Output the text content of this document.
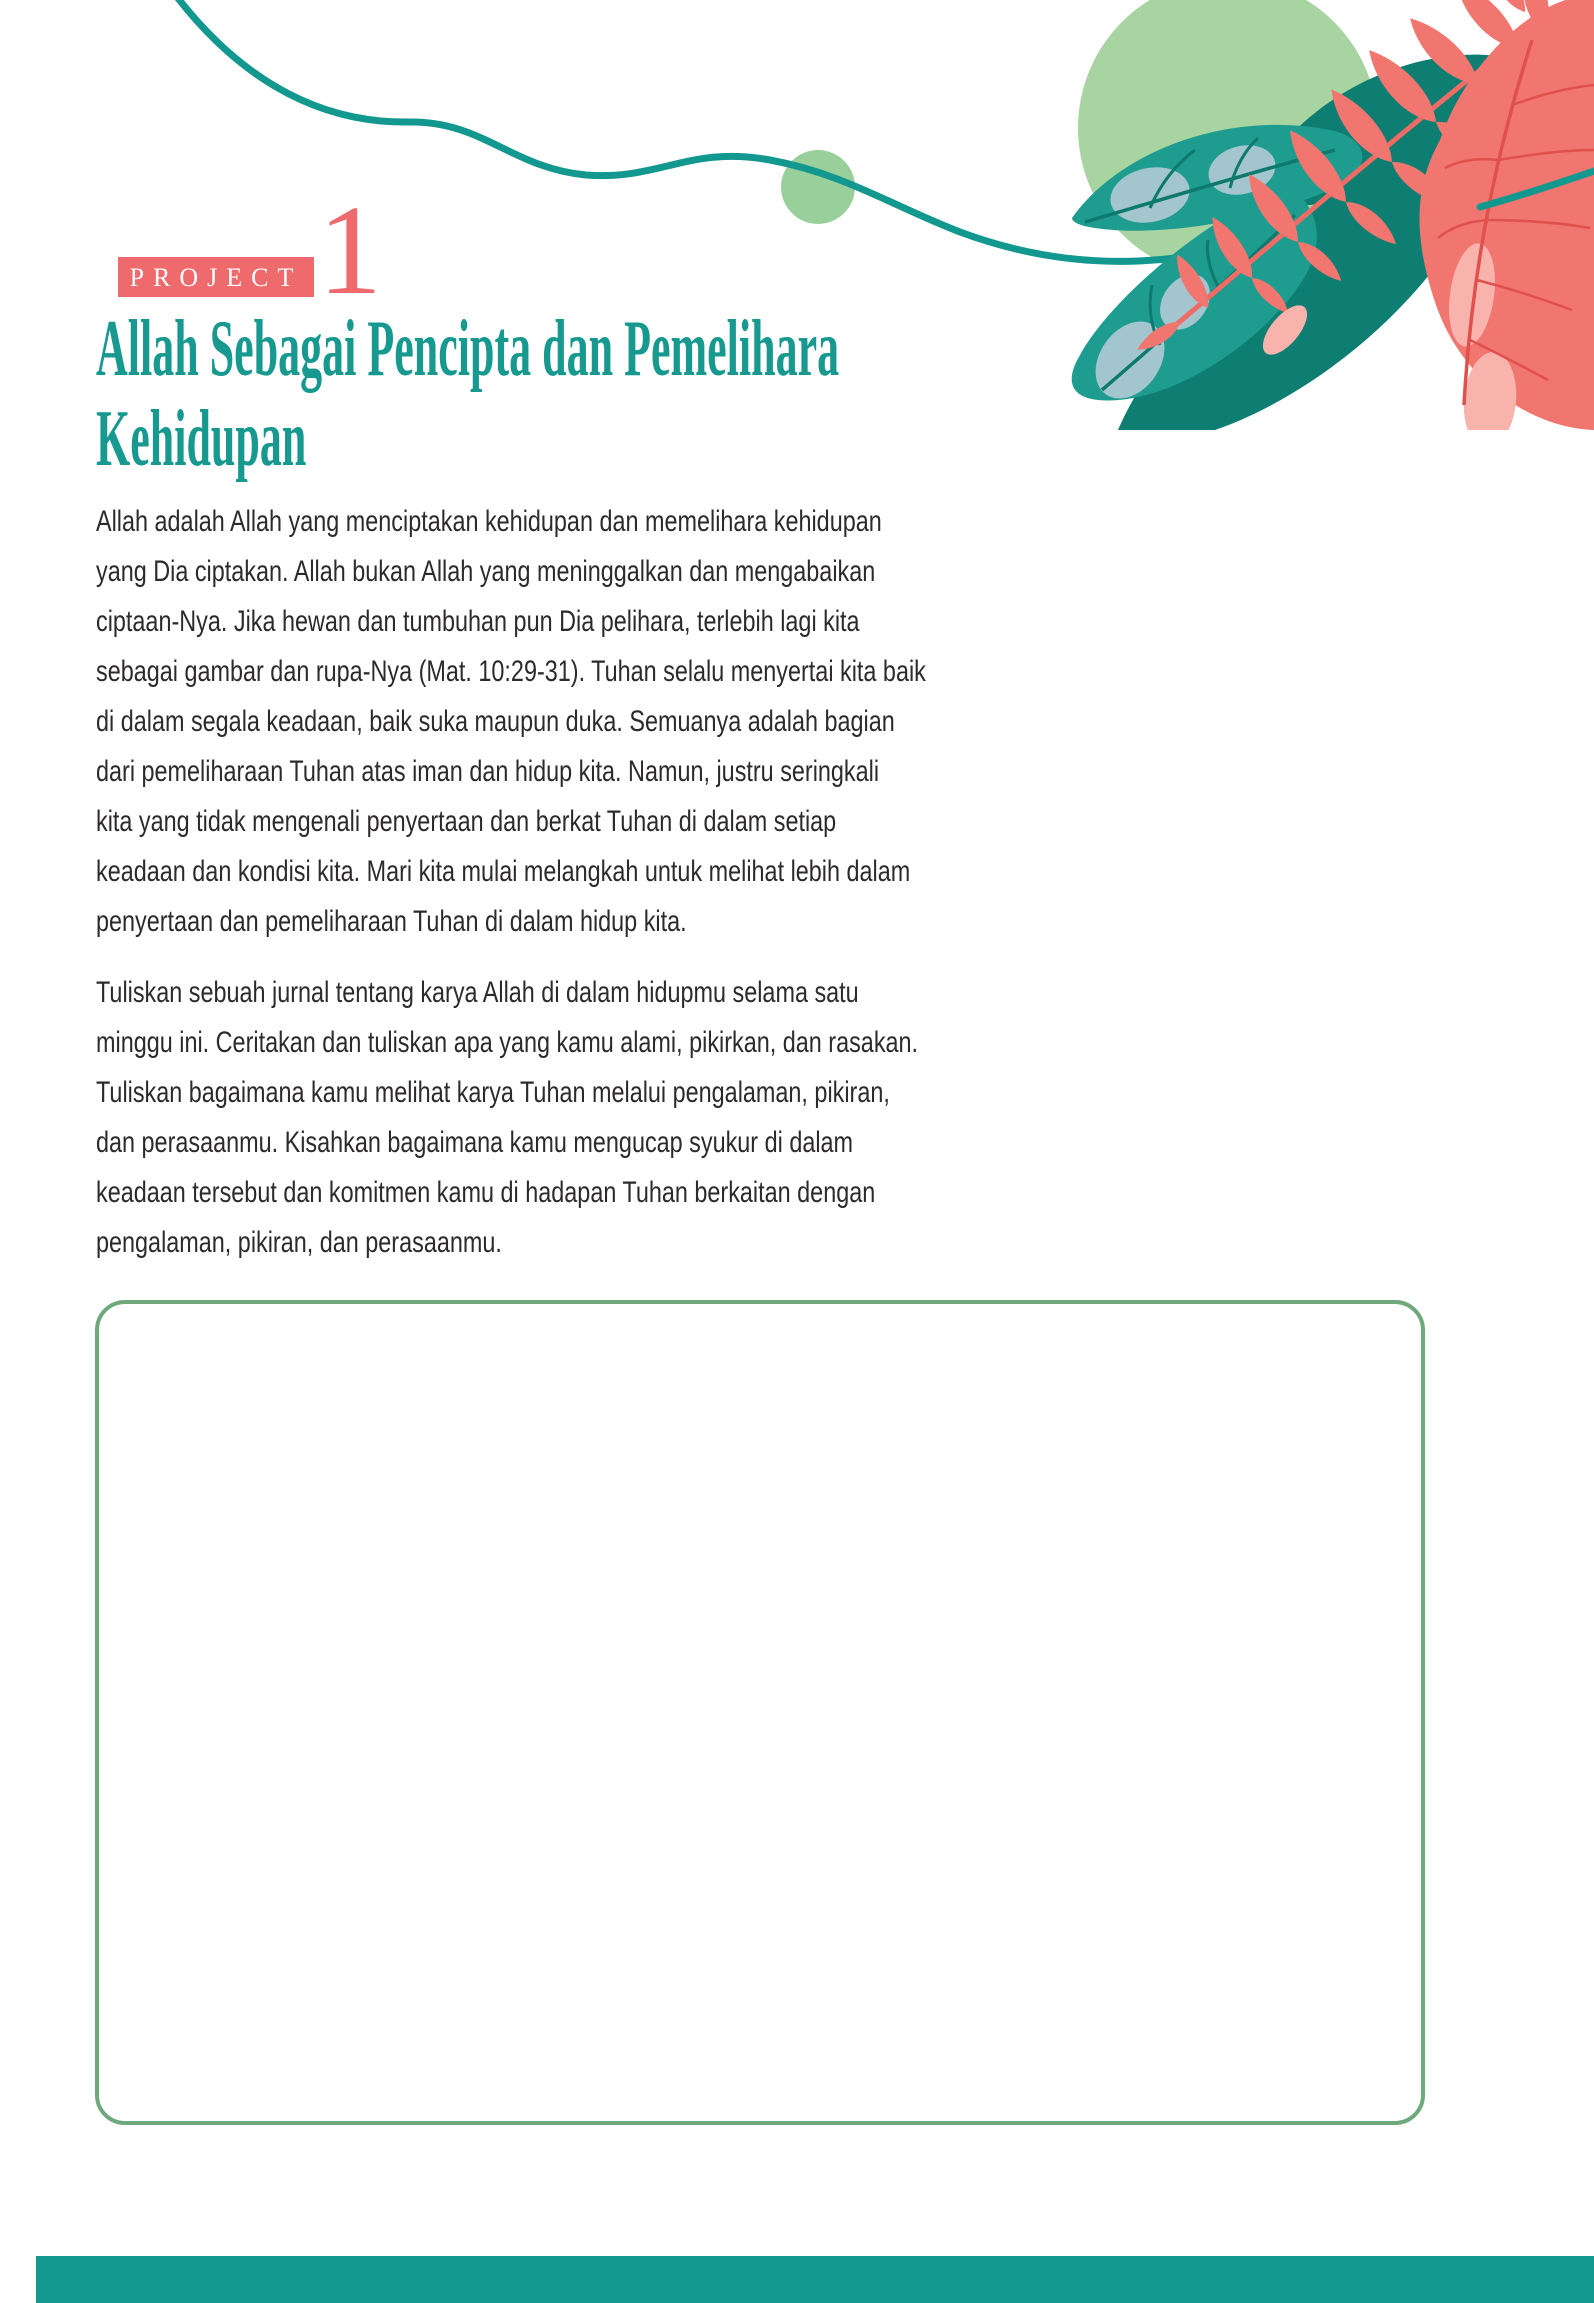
PROJECT 1
Allah Sebagai Pencipta dan Pemelihara
Kehidupan
Allah adalah Allah yang menciptakan kehidupan dan memelihara kehidupan
yang Dia ciptakan. Allah bukan Allah yang meninggalkan dan mengabaikan
ciptaan-Nya. Jika hewan dan tumbuhan pun Dia pelihara, terlebih lagi kita
sebagai gambar dan rupa-Nya (Mat. 10:29-31). Tuhan selalu menyertai kita baik
di dalam segala keadaan, baik suka maupun duka. Semuanya adalah bagian
dari pemeliharaan Tuhan atas iman dan hidup kita. Namun, justru seringkali
kita yang tidak mengenali penyertaan dan berkat Tuhan di dalam setiap
keadaan dan kondisi kita. Mari kita mulai melangkah untuk melihat lebih dalam
penyertaan dan pemeliharaan Tuhan di dalam hidup kita.
Tuliskan sebuah jurnal tentang karya Allah di dalam hidupmu selama satu
minggu ini. Ceritakan dan tuliskan apa yang kamu alami, pikirkan, dan rasakan.
Tuliskan bagaimana kamu melihat karya Tuhan melalui pengalaman, pikiran,
dan perasaanmu. Kisahkan bagaimana kamu mengucap syukur di dalam
keadaan tersebut dan komitmen kamu di hadapan Tuhan berkaitan dengan
pengalaman, pikiran, dan perasaanmu.
